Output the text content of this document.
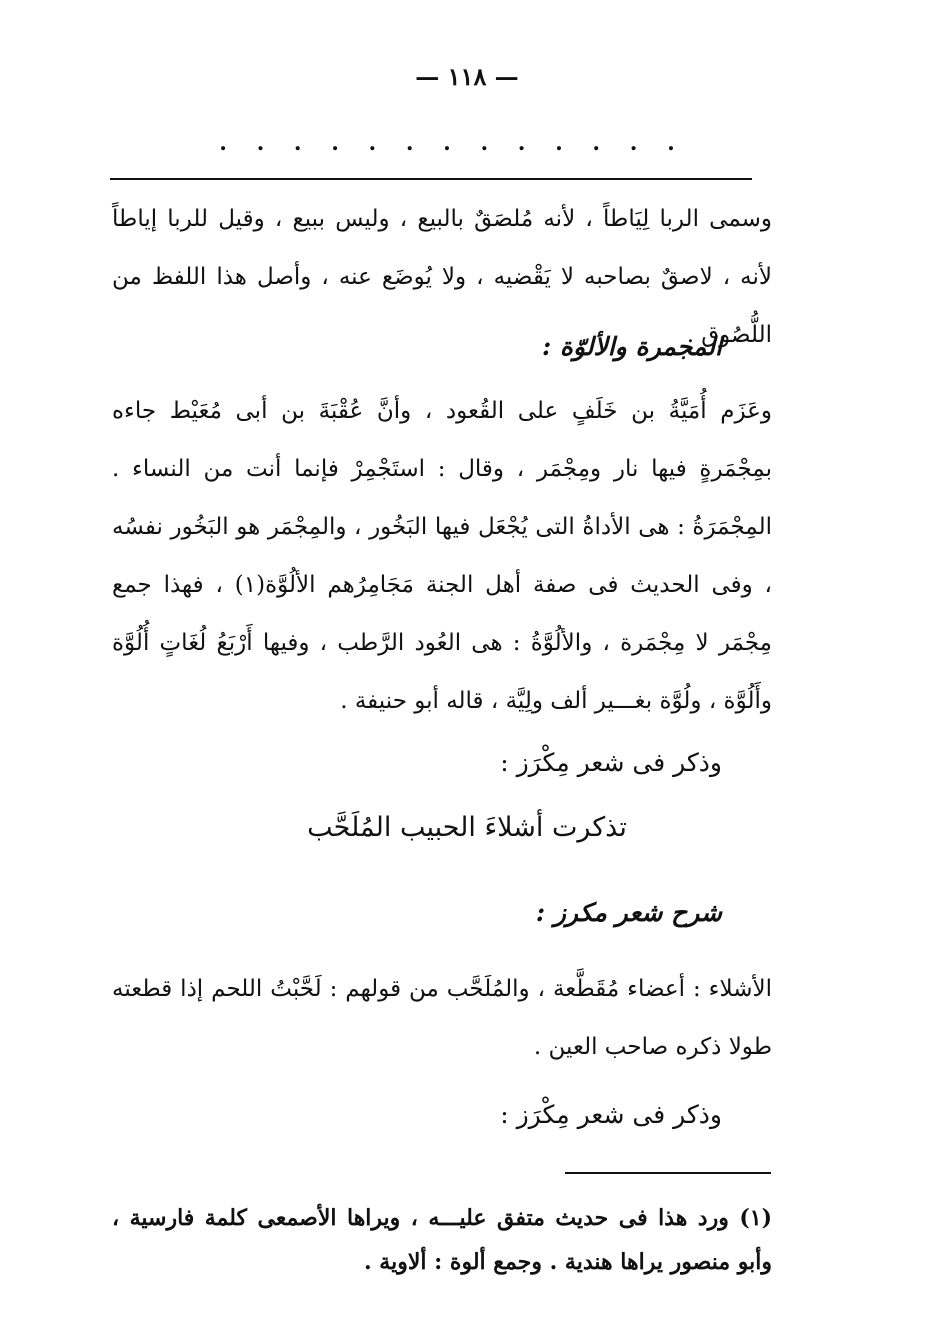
— ١١٨ —
. . . . . . . . . . . . .
وسمى الربا لِيَاطاً ، لأنه مُلصَقٌ بالبيع ، وليس ببيع ، وقيل للربا إياطاً لأنه ، لاصقٌ بصاحبه لا يَقْضيه ، ولا يُوضَع عنه ، وأصل هذا اللفظ من اللُّصُوق .
المجمرة والألوّة :
وعَزَم أُمَيَّةُ بن خَلَفٍ على القُعود ، وأنَّ عُقْبَةَ بن أبى مُعَيْط جاءه بمِجْمَرةٍ فيها نار ومِجْمَر ، وقال : استَجْمِرْ فإنما أنت من النساء . المِجْمَرَةُ : هى الأداةُ التى يُجْعَل فيها البَخُور ، والمِجْمَر هو البَخُور نفسُه ، وفى الحديث فى صفة أهل الجنة مَجَامِرُهم الألُوَّة(١) ، فهذا جمع مِجْمَر لا مِجْمَرة ، والألُوَّةُ : هى العُود الرَّطب ، وفيها أَرْبَعُ لُغَاتٍ أُلُوَّة وأَلُوَّة ، ولُوَّة بغـــير ألف ولِيَّة ، قاله أبو حنيفة .
وذكر فى شعر مِكْرَز :
تذكرت أشلاءَ الحبيب المُلَحَّب
شرح شعر مكرز :
الأشلاء : أعضاء مُقَطَّعة ، والمُلَحَّب من قولهم : لَحَّبْتُ اللحم إذا قطعته طولا ذكره صاحب العين .
وذكر فى شعر مِكْرَز :
(١) ورد هذا فى حديث متفق عليـــه ، ويراها الأصمعى كلمة فارسية ، وأبو منصور يراها هندية . وجمع ألوة : ألاوية .
